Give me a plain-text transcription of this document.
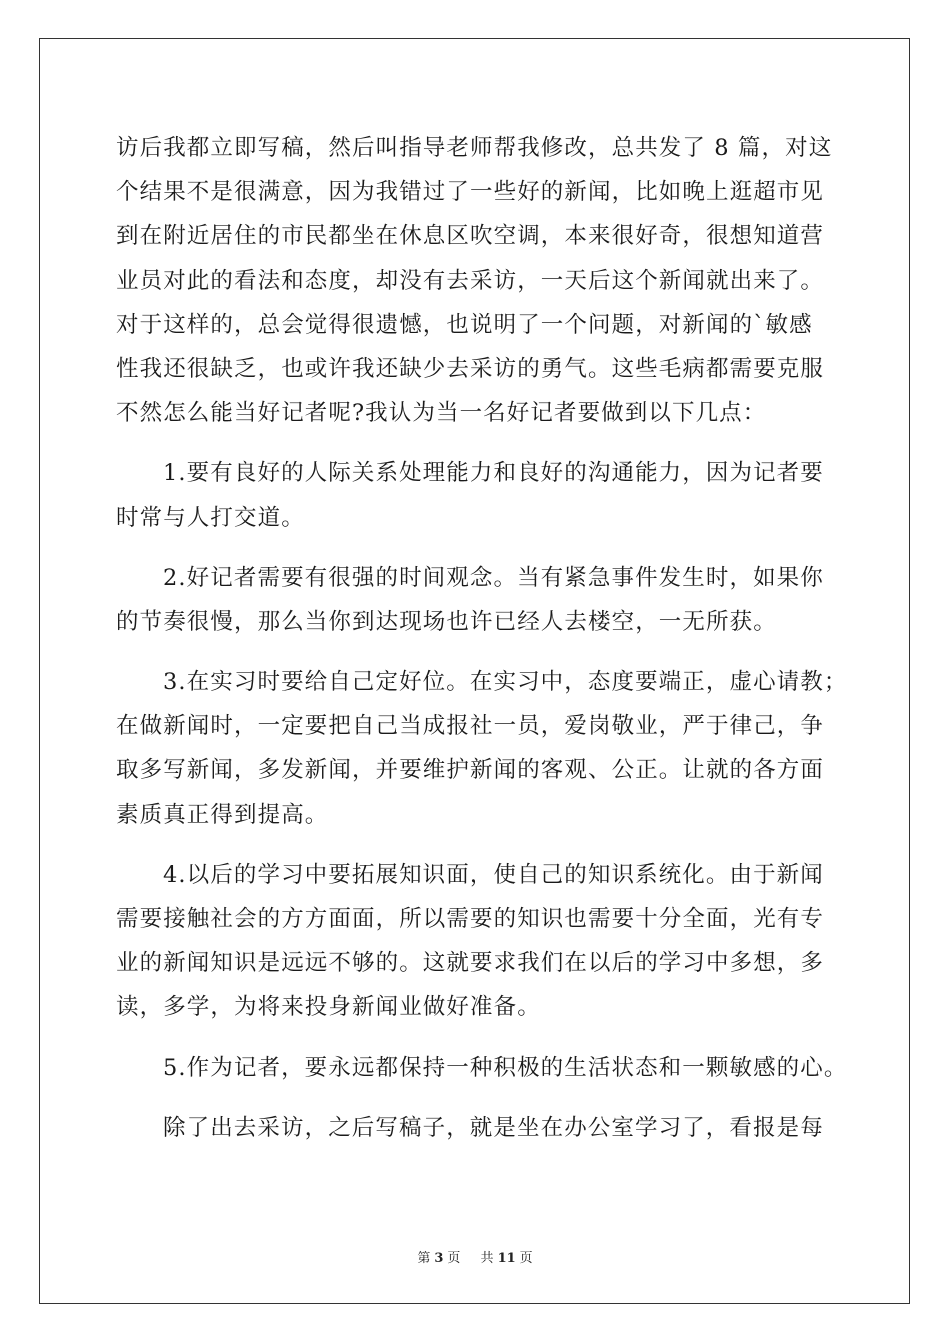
访后我都立即写稿，然后叫指导老师帮我修改，总共发了 8 篇，对这
个结果不是很满意，因为我错过了一些好的新闻，比如晚上逛超市见
到在附近居住的市民都坐在休息区吹空调，本来很好奇，很想知道营
业员对此的看法和态度，却没有去采访，一天后这个新闻就出来了。
对于这样的，总会觉得很遗憾，也说明了一个问题，对新闻的`敏感
性我还很缺乏，也或许我还缺少去采访的勇气。这些毛病都需要克服
不然怎么能当好记者呢?我认为当一名好记者要做到以下几点：
1.要有良好的人际关系处理能力和良好的沟通能力，因为记者要
时常与人打交道。
2.好记者需要有很强的时间观念。当有紧急事件发生时，如果你
的节奏很慢，那么当你到达现场也许已经人去楼空，一无所获。
3.在实习时要给自己定好位。在实习中，态度要端正，虚心请教；
在做新闻时，一定要把自己当成报社一员，爱岗敬业，严于律己，争
取多写新闻，多发新闻，并要维护新闻的客观、公正。让就的各方面
素质真正得到提高。
4.以后的学习中要拓展知识面，使自己的知识系统化。由于新闻
需要接触社会的方方面面，所以需要的知识也需要十分全面，光有专
业的新闻知识是远远不够的。这就要求我们在以后的学习中多想，多
读，多学，为将来投身新闻业做好准备。
5.作为记者，要永远都保持一种积极的生活状态和一颗敏感的心。
除了出去采访，之后写稿子，就是坐在办公室学习了，看报是每
第 3 页 共 11 页
